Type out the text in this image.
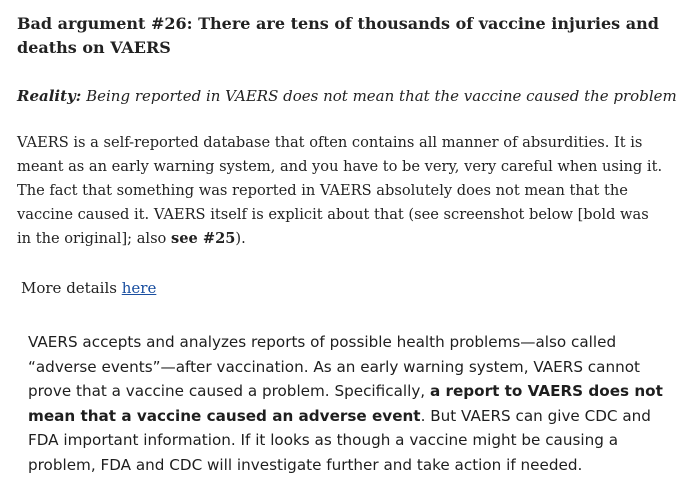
Bad argument #26: There are tens of thousands of vaccine injuries and deaths on VAERS
Reality: Being reported in VAERS does not mean that the vaccine caused the problem
VAERS is a self-reported database that often contains all manner of absurdities. It is meant as an early warning system, and you have to be very, very careful when using it. The fact that something was reported in VAERS absolutely does not mean that the vaccine caused it. VAERS itself is explicit about that (see screenshot below [bold was in the original]; also see #25).
More details here
VAERS accepts and analyzes reports of possible health problems—also called “adverse events”—after vaccination. As an early warning system, VAERS cannot prove that a vaccine caused a problem. Specifically, a report to VAERS does not mean that a vaccine caused an adverse event. But VAERS can give CDC and FDA important information. If it looks as though a vaccine might be causing a problem, FDA and CDC will investigate further and take action if needed.
